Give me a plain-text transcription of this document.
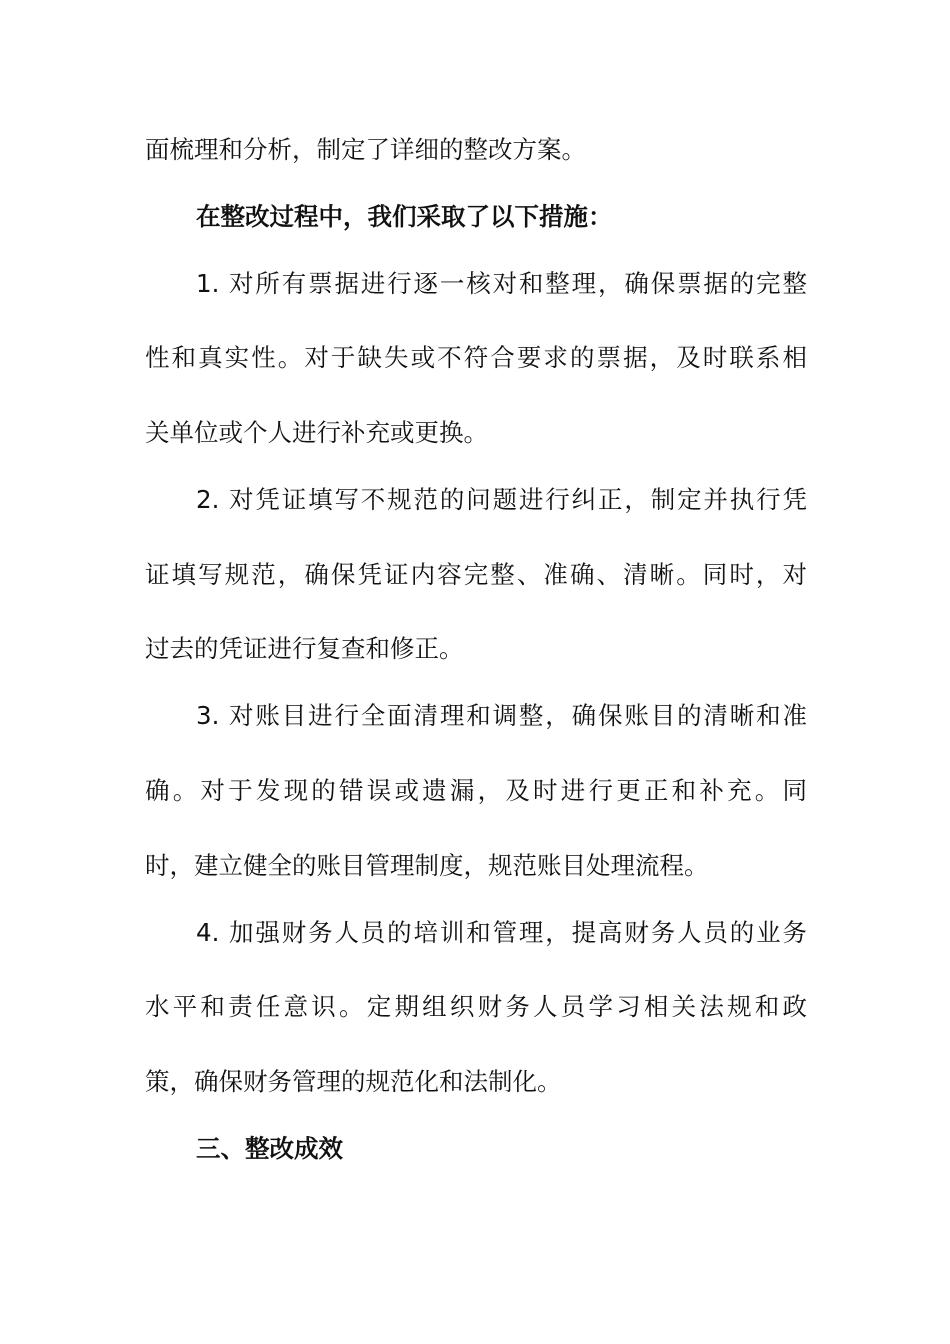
面梳理和分析，制定了详细的整改方案。
在整改过程中，我们采取了以下措施：
1. 对所有票据进行逐一核对和整理，确保票据的完整
性和真实性。对于缺失或不符合要求的票据，及时联系相
关单位或个人进行补充或更换。
2. 对凭证填写不规范的问题进行纠正，制定并执行凭
证填写规范，确保凭证内容完整、准确、清晰。同时，对
过去的凭证进行复查和修正。
3. 对账目进行全面清理和调整，确保账目的清晰和准
确。对于发现的错误或遗漏，及时进行更正和补充。同
时，建立健全的账目管理制度，规范账目处理流程。
4. 加强财务人员的培训和管理，提高财务人员的业务
水平和责任意识。定期组织财务人员学习相关法规和政
策，确保财务管理的规范化和法制化。
三、整改成效
